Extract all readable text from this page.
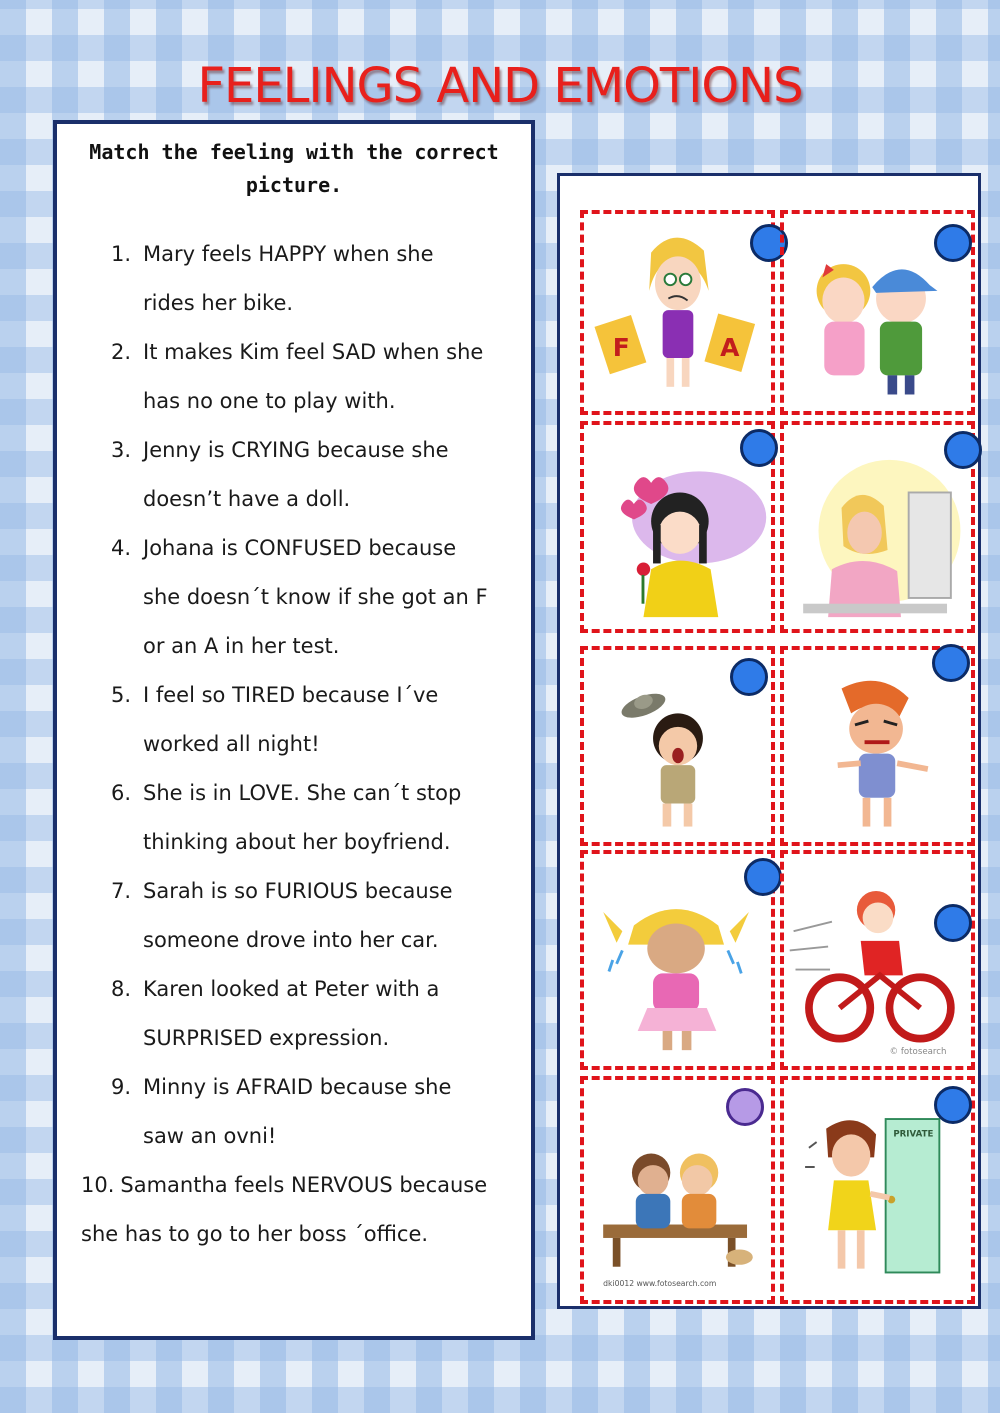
FEELINGS AND EMOTIONS
Match the feeling with the correct picture.
1. Mary feels HAPPY when she
rides her bike.
2. It makes Kim feel SAD when she
has no one to play with.
3. Jenny is CRYING because she
doesn’t have a doll.
4. Johana is CONFUSED because
she doesn´t know if she got an F
or an A in her test.
5. I feel so TIRED because I´ve
worked all night!
6. She is in LOVE. She can´t stop
thinking about her boyfriend.
7. Sarah is so FURIOUS because
someone drove into her car.
8. Karen looked at Peter with a
SURPRISED expression.
9. Minny is AFRAID because she
saw an ovni!
10. Samantha feels NERVOUS because
she has to go to her boss ´office.
F	A
© fotosearch
dki0012 www.fotosearch.com
PRIVATE
